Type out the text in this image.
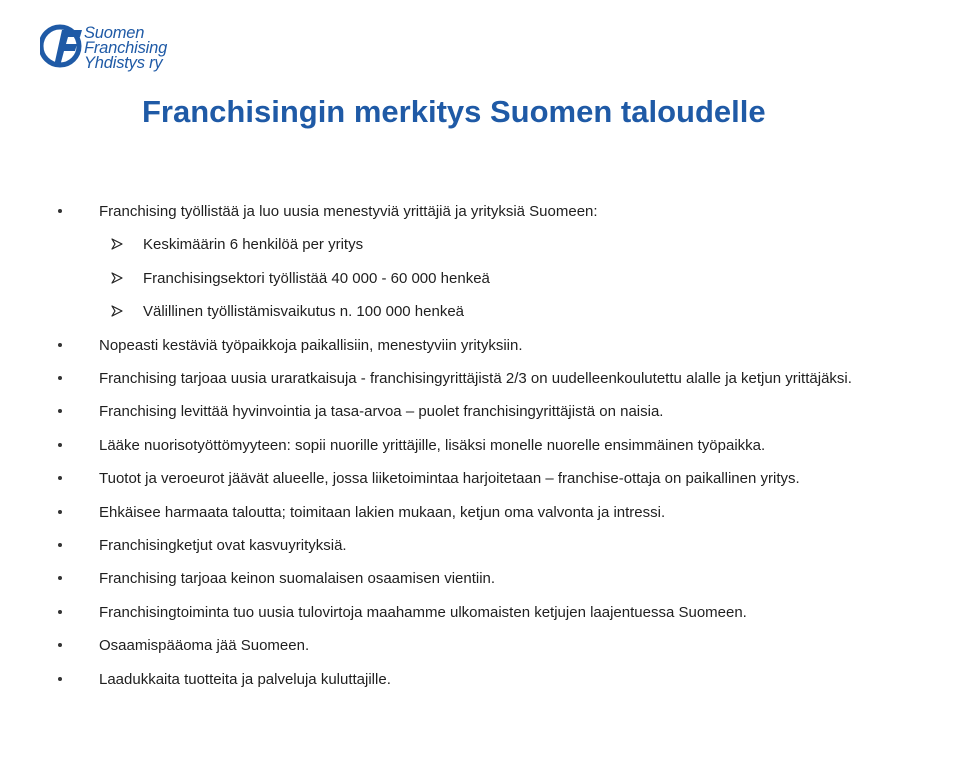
Suomen
Franchising
Yhdistys ry
Franchisingin merkitys Suomen taloudelle
Franchising työllistää ja luo uusia menestyviä yrittäjiä ja yrityksiä Suomeen:
Keskimäärin 6 henkilöä per yritys
Franchisingsektori työllistää 40 000 - 60 000 henkeä
Välillinen työllistämisvaikutus n. 100 000 henkeä
Nopeasti kestäviä työpaikkoja paikallisiin, menestyviin yrityksiin.
Franchising tarjoaa uusia uraratkaisuja - franchisingyrittäjistä 2/3 on uudelleenkoulutettu alalle ja ketjun yrittäjäksi.
Franchising levittää hyvinvointia ja tasa-arvoa – puolet franchisingyrittäjistä on naisia.
Lääke nuorisotyöttömyyteen: sopii nuorille yrittäjille, lisäksi monelle nuorelle ensimmäinen työpaikka.
Tuotot ja veroeurot jäävät alueelle, jossa liiketoimintaa harjoitetaan – franchise-ottaja on paikallinen yritys.
Ehkäisee harmaata taloutta; toimitaan lakien mukaan, ketjun oma valvonta ja intressi.
Franchisingketjut ovat kasvuyrityksiä.
Franchising tarjoaa keinon suomalaisen osaamisen vientiin.
Franchisingtoiminta tuo uusia tulovirtoja maahamme ulkomaisten ketjujen laajentuessa Suomeen.
Osaamispääoma jää Suomeen.
Laadukkaita tuotteita ja palveluja kuluttajille.
www.franchising.fi
